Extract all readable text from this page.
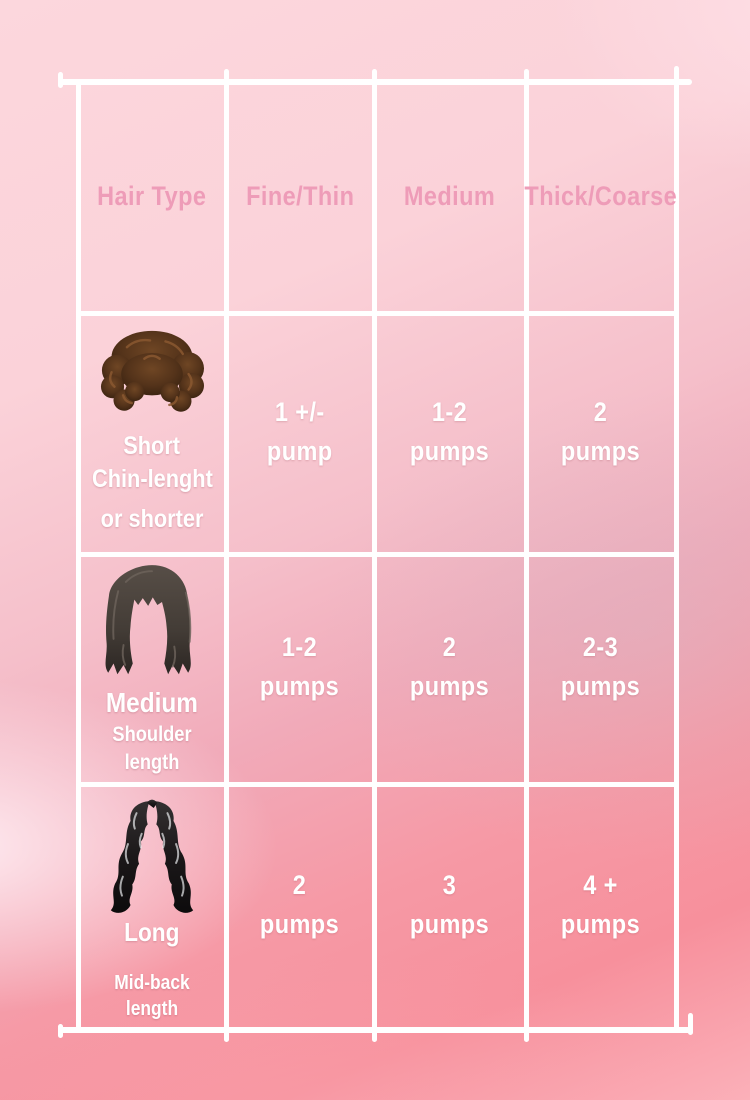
Hair Type Fine/Thin Medium Thick/Coarse
Short
Chin-lenght
or shorter
1 +/-
pump
1-2
pumps
2
pumps
Medium
Shoulder length
1-2
pumps
2
pumps
2-3
pumps
Long
Mid-back length
2
pumps
3
pumps
4 +
pumps
